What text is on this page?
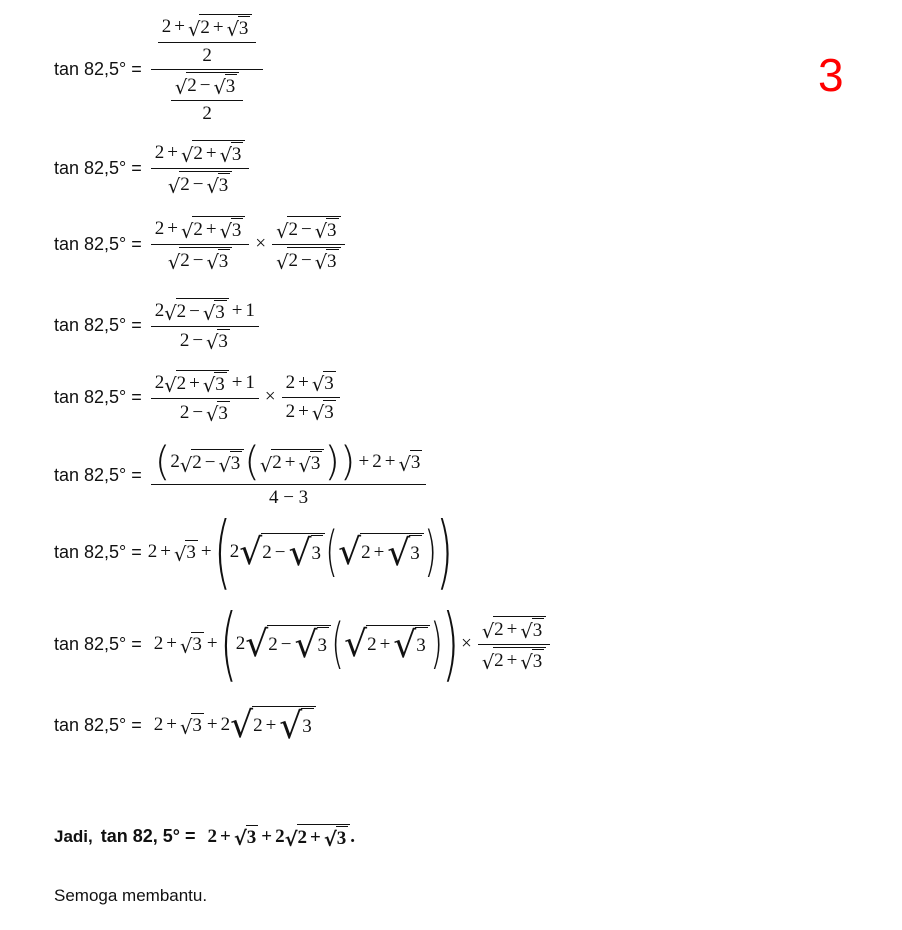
3
$\tan 82,5^\circ = \frac{\frac{2 + √ 2 + √ 3}{2}}{\frac{√ 2 - √ 3}{2}}$
$\tan 82,5^\circ = \frac{2 + √ 2 + √ 3}{√ 2 - √ 3}$
$\tan 82,5^\circ = \frac{2 + √ 2 + √ 3}{√ 2 - √ 3} \times \frac{√ 2 - √ 3}{√ 2 - √ 3}$
$\tan 82,5^\circ = \frac{2 √ 2 - √ 3 + 1}{2 - √ 3}$
$\tan 82,5^\circ = \frac{2 √ 2 + √ 3 + 1}{2 - √ 3} \times \frac{2 + √ 3}{2 + √ 3}$
$\tan 82,5^\circ = \frac{( 2 √ 2 - √ 3 ( √ 2 + √ 3 ) ) + 2 + √ 3}{4 - 3}$
tan 82,5° = 2 + √ 3 + ( 2 √ 2 − √ 3 ( √ 2 + √ 3 ) )
tan 82,5° = 2 + √ 3 + ( 2 √ 2 − √ 3 ( √ 2 + √ 3 ) ) × $\frac{√ 2 + √ 3}{√ 2 + √ 3}$
tan 82,5° = 2 + √ 3 + 2 √ 2 + √ 3
Jadi, tan 82, 5° = 2 + √ 3 + 2 √ 2 + √ 3 .
Semoga membantu.
